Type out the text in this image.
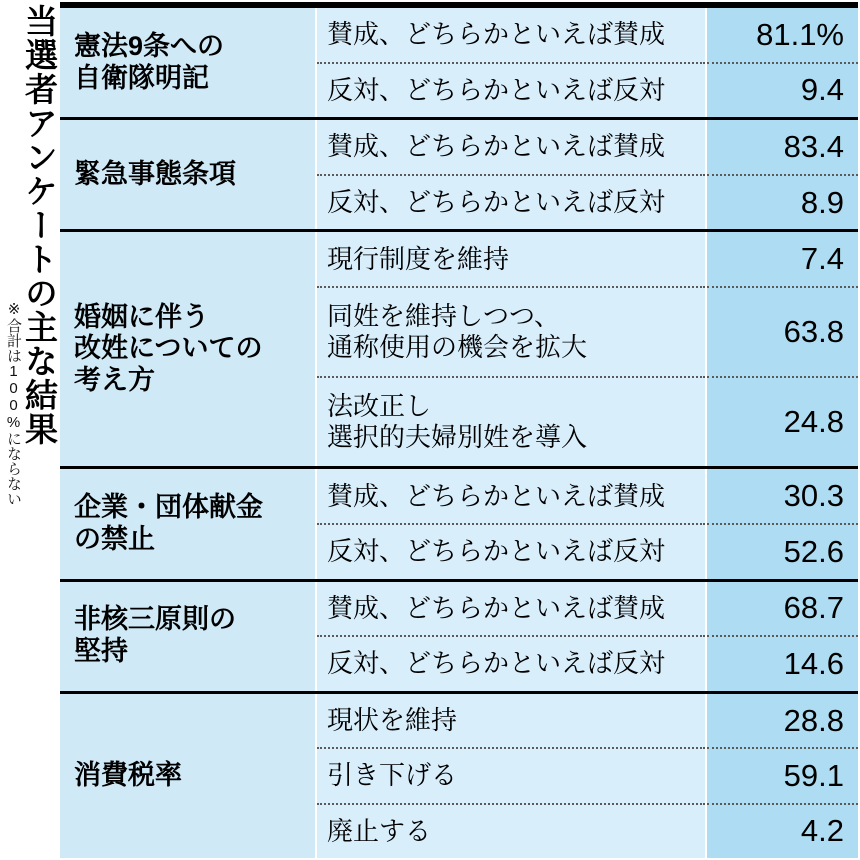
当選者アンケートの主な結果
※合計は100%にならない
憲法9条への
自衛隊明記	賛成、どちらかといえば賛成	81.1%
	反対、どちらかといえば反対	9.4
緊急事態条項	賛成、どちらかといえば賛成	83.4
	反対、どちらかといえば反対	8.9
婚姻に伴う
改姓についての
考え方	現行制度を維持	7.4
	同姓を維持しつつ、
通称使用の機会を拡大	63.8
	法改正し
選択的夫婦別姓を導入	24.8
企業・団体献金
の禁止	賛成、どちらかといえば賛成	30.3
	反対、どちらかといえば反対	52.6
非核三原則の
堅持	賛成、どちらかといえば賛成	68.7
	反対、どちらかといえば反対	14.6
消費税率	現状を維持	28.8
	引き下げる	59.1
	廃止する	4.2
